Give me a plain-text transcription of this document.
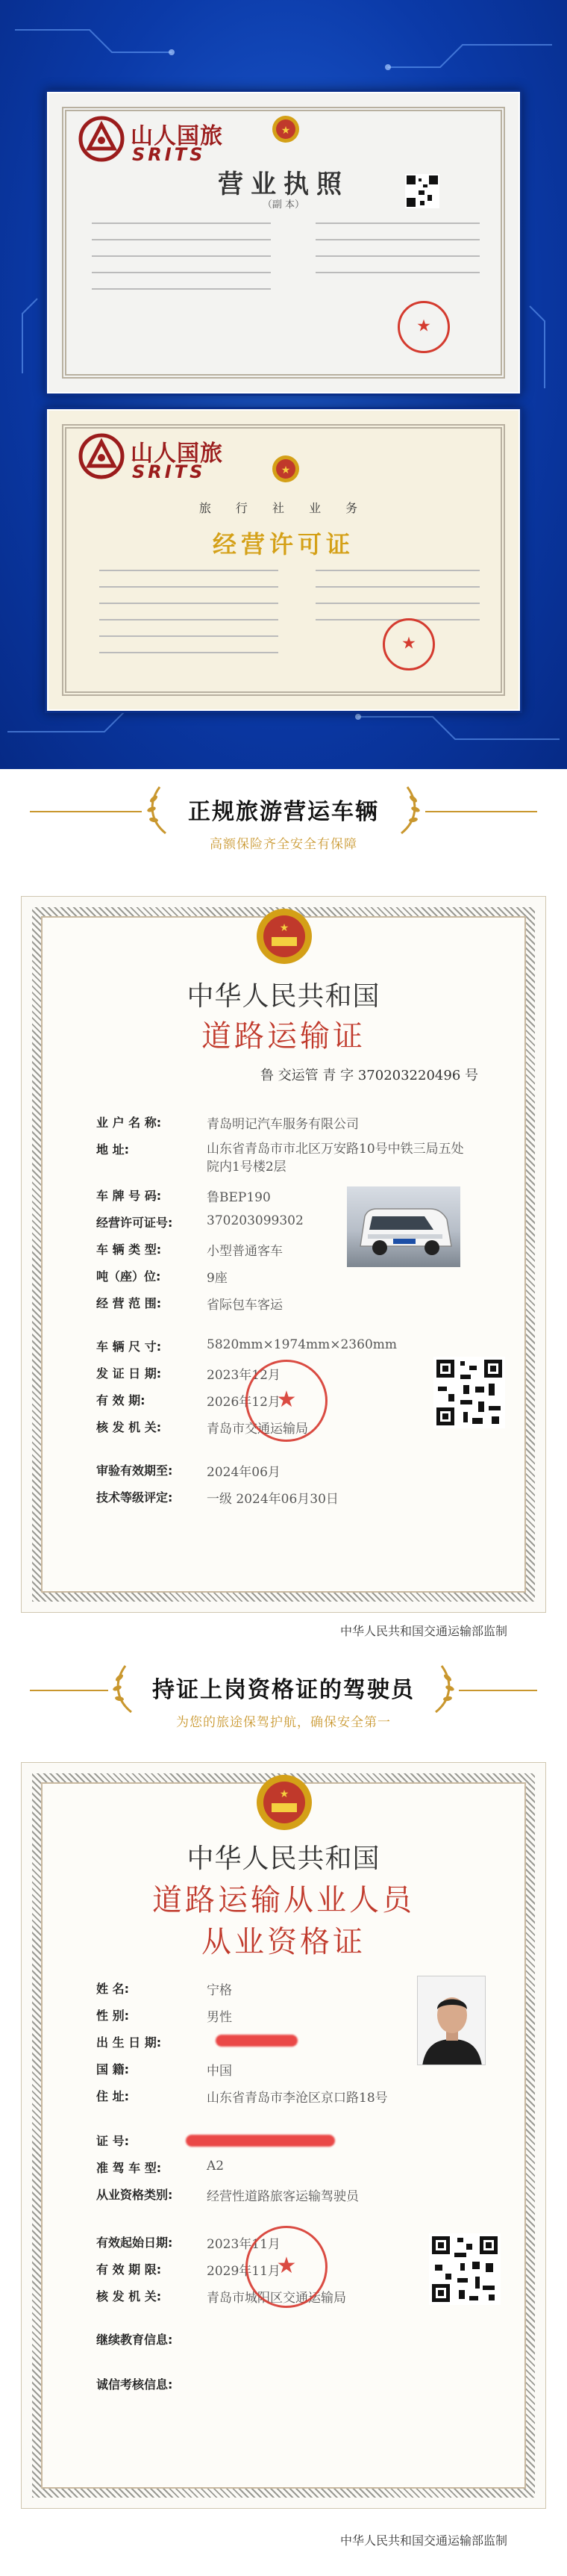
山人国旅
SRITS
★
营业执照
（副 本）
★
山人国旅
SRITS	★
旅 行 社 业 务
经营许可证
★
正规旅游营运车辆
高额保险齐全安全有保障
★
中华人民共和国
道路运输证
鲁 交运管 青 字 370203220496 号
业 户 名 称:	青岛明记汽车服务有限公司
地 址:	山东省青岛市市北区万安路10号中铁三局五处院内1号楼2层
车 牌 号 码:	鲁BEP190
经营许可证号:	370203099302
车 辆 类 型:	小型普通客车
吨（座）位:	9座
经 营 范 围:	省际包车客运
车 辆 尺 寸:	5820mm×1974mm×2360mm
发 证 日 期:	2023年12月
有 效 期:	2026年12月
核 发 机 关:	青岛市交通运输局
审验有效期至:	2024年06月
技术等级评定:	一级 2024年06月30日
★
中华人民共和国交通运输部监制
持证上岗资格证的驾驶员
为您的旅途保驾护航，确保安全第一
★
中华人民共和国
道路运输从业人员
从业资格证
姓 名:	宁格
性 别:	男性
出 生 日 期:
国 籍:	中国
住 址:	山东省青岛市李沧区京口路18号
证 号:
准 驾 车 型:	A2
从业资格类别:	经营性道路旅客运输驾驶员
有效起始日期:	2023年11月
有 效 期 限:	2029年11月
核 发 机 关:	青岛市城阳区交通运输局
继续教育信息:
诚信考核信息:
★
中华人民共和国交通运输部监制
